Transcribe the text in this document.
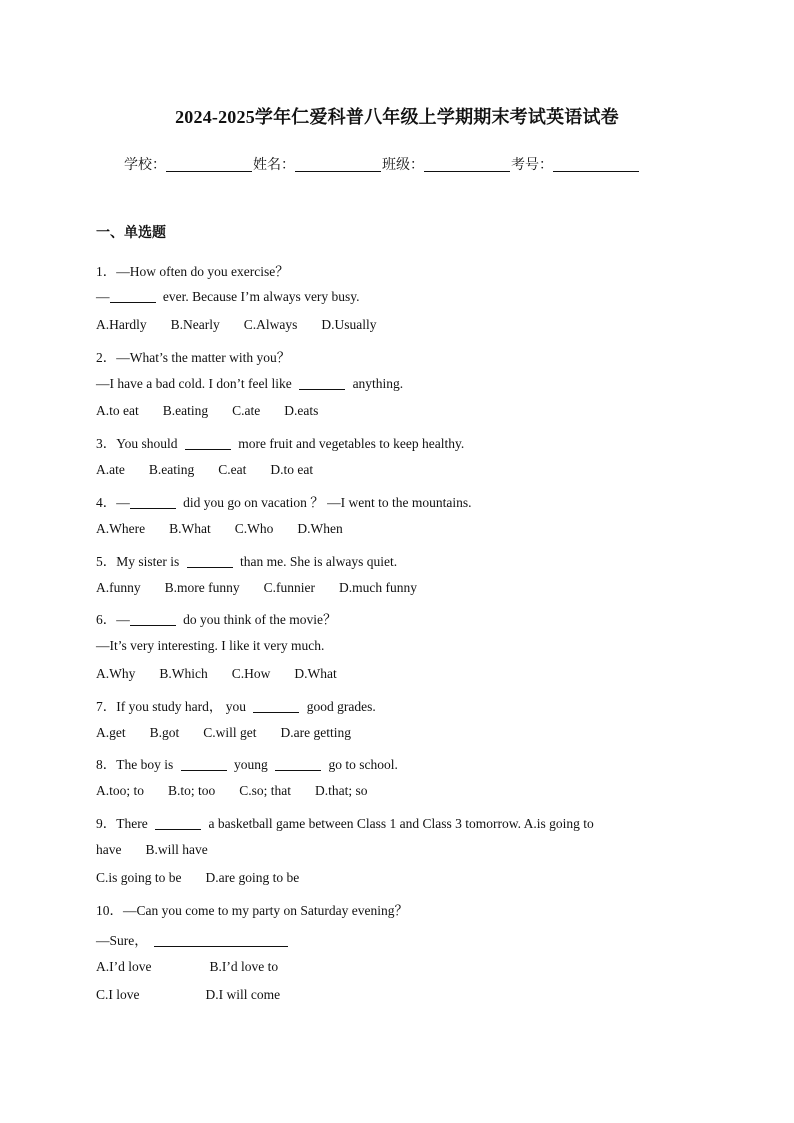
2024-2025学年仁爱科普八年级上学期期末考试英语试卷
学校：	姓名：	班级：	考号：
一、单选题
1．—How often do you exercise？
—	ever. Because I’m always very busy.
A.Hardly B.Nearly C.Always D.Usually
2．—What’s the matter with you？
—I have a bad cold. I don’t feel like	anything.
A.to eat B.eating C.ate D.eats
3．You should	more fruit and vegetables to keep healthy.
A.ate B.eating C.eat D.to eat
4．—	did you go on vacation ？ —I went to the mountains.
A.Where B.What C.Who D.When
5．My sister is	than me. She is always quiet.
A.funny B.more funny C.funnier D.much funny
6．—	do you think of the movie？
—It’s very interesting. I like it very much.
A.Why B.Which C.How D.What
7．If you study hard， you	good grades.
A.get B.got C.will get D.are getting
8．The boy is	young	go to school.
A.too; to B.to; too C.so; that D.that; so
9．There	a basketball game between Class 1 and Class 3 tomorrow. A.is going to
have B.will have
C.is going to be D.are going to be
10．—Can you come to my party on Saturday evening？
—Sure，
A.I’d love	B.I’d love to
C.I love	D.I will come
